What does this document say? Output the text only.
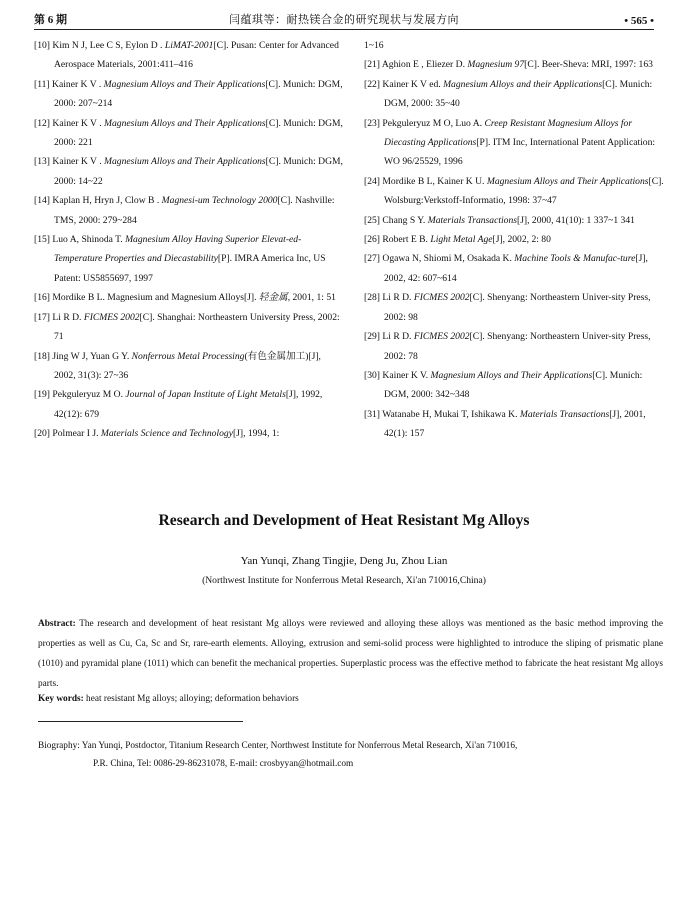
第 6 期	闫蕴琪等：耐热镁合金的研究现状与发展方向	• 565 •
[10] Kim N J, Lee C S, Eylon D . LiMAT-2001[C]. Pusan: Center for Advanced Aerospace Materials, 2001:411–416
[11] Kainer K V . Magnesium Alloys and Their Applications[C]. Munich: DGM, 2000: 207~214
[12] Kainer K V . Magnesium Alloys and Their Applications[C]. Munich: DGM, 2000: 221
[13] Kainer K V . Magnesium Alloys and Their Applications[C]. Munich: DGM, 2000: 14~22
[14] Kaplan H, Hryn J, Clow B . Magnesi-um Technology 2000[C]. Nashville: TMS, 2000: 279~284
[15] Luo A, Shinoda T. Magnesium Alloy Having Superior Elevat-ed-Temperature Properties and Diecastability[P]. IMRA America Inc, US Patent: US5855697, 1997
[16] Mordike B L. Magnesium and Magnesium Alloys[J]. 轻金属, 2001, 1: 51
[17] Li R D. FICMES 2002[C]. Shanghai: Northeastern University Press, 2002: 71
[18] Jing W J, Yuan G Y. Nonferrous Metal Processing(有色金属加工)[J], 2002, 31(3): 27~36
[19] Pekguleryuz M O. Journal of Japan Institute of Light Metals[J], 1992, 42(12): 679
[20] Polmear I J. Materials Science and Technology[J], 1994, 1:
1~16
[21] Aghion E , Eliezer D. Magnesium 97[C]. Beer-Sheva: MRI, 1997: 163
[22] Kainer K V ed. Magnesium Alloys and their Applications[C]. Munich: DGM, 2000: 35~40
[23] Pekguleryuz M O, Luo A. Creep Resistant Magnesium Alloys for Diecasting Applications[P]. ITM Inc, International Patent Application: WO 96/25529, 1996
[24] Mordike B L, Kainer K U. Magnesium Alloys and Their Applications[C]. Wolsburg:Verkstoff-Informatio, 1998: 37~47
[25] Chang S Y. Materials Transactions[J], 2000, 41(10): 1 337~1 341
[26] Robert E B. Light Metal Age[J], 2002, 2: 80
[27] Ogawa N, Shiomi M, Osakada K. Machine Tools & Manufac-ture[J], 2002, 42: 607~614
[28] Li R D. FICMES 2002[C]. Shenyang: Northeastern Univer-sity Press, 2002: 98
[29] Li R D. FICMES 2002[C]. Shenyang: Northeastern Univer-sity Press, 2002: 78
[30] Kainer K V. Magnesium Alloys and Their Applications[C]. Munich: DGM, 2000: 342~348
[31] Watanabe H, Mukai T, Ishikawa K. Materials Transactions[J], 2001, 42(1): 157
Research and Development of Heat Resistant Mg Alloys
Yan Yunqi, Zhang Tingjie, Deng Ju, Zhou Lian
(Northwest Institute for Nonferrous Metal Research, Xi'an 710016,China)
Abstract: The research and development of heat resistant Mg alloys were reviewed and alloying these alloys was mentioned as the basic method improving the properties as well as Cu, Ca, Sc and Sr, rare-earth elements. Alloying, extrusion and semi-solid process were highlighted to introduce the sliping of prismatic plane (1010) and pyramidal plane (1011) which can benefit the mechanical properties. Superplastic process was the effective method to fabricate the heat resistant Mg alloys parts.
Key words: heat resistant Mg alloys; alloying; deformation behaviors
Biography: Yan Yunqi, Postdoctor, Titanium Research Center, Northwest Institute for Nonferrous Metal Research, Xi'an 710016,
P.R. China, Tel: 0086-29-86231078, E-mail: crosbyyan@hotmail.com
